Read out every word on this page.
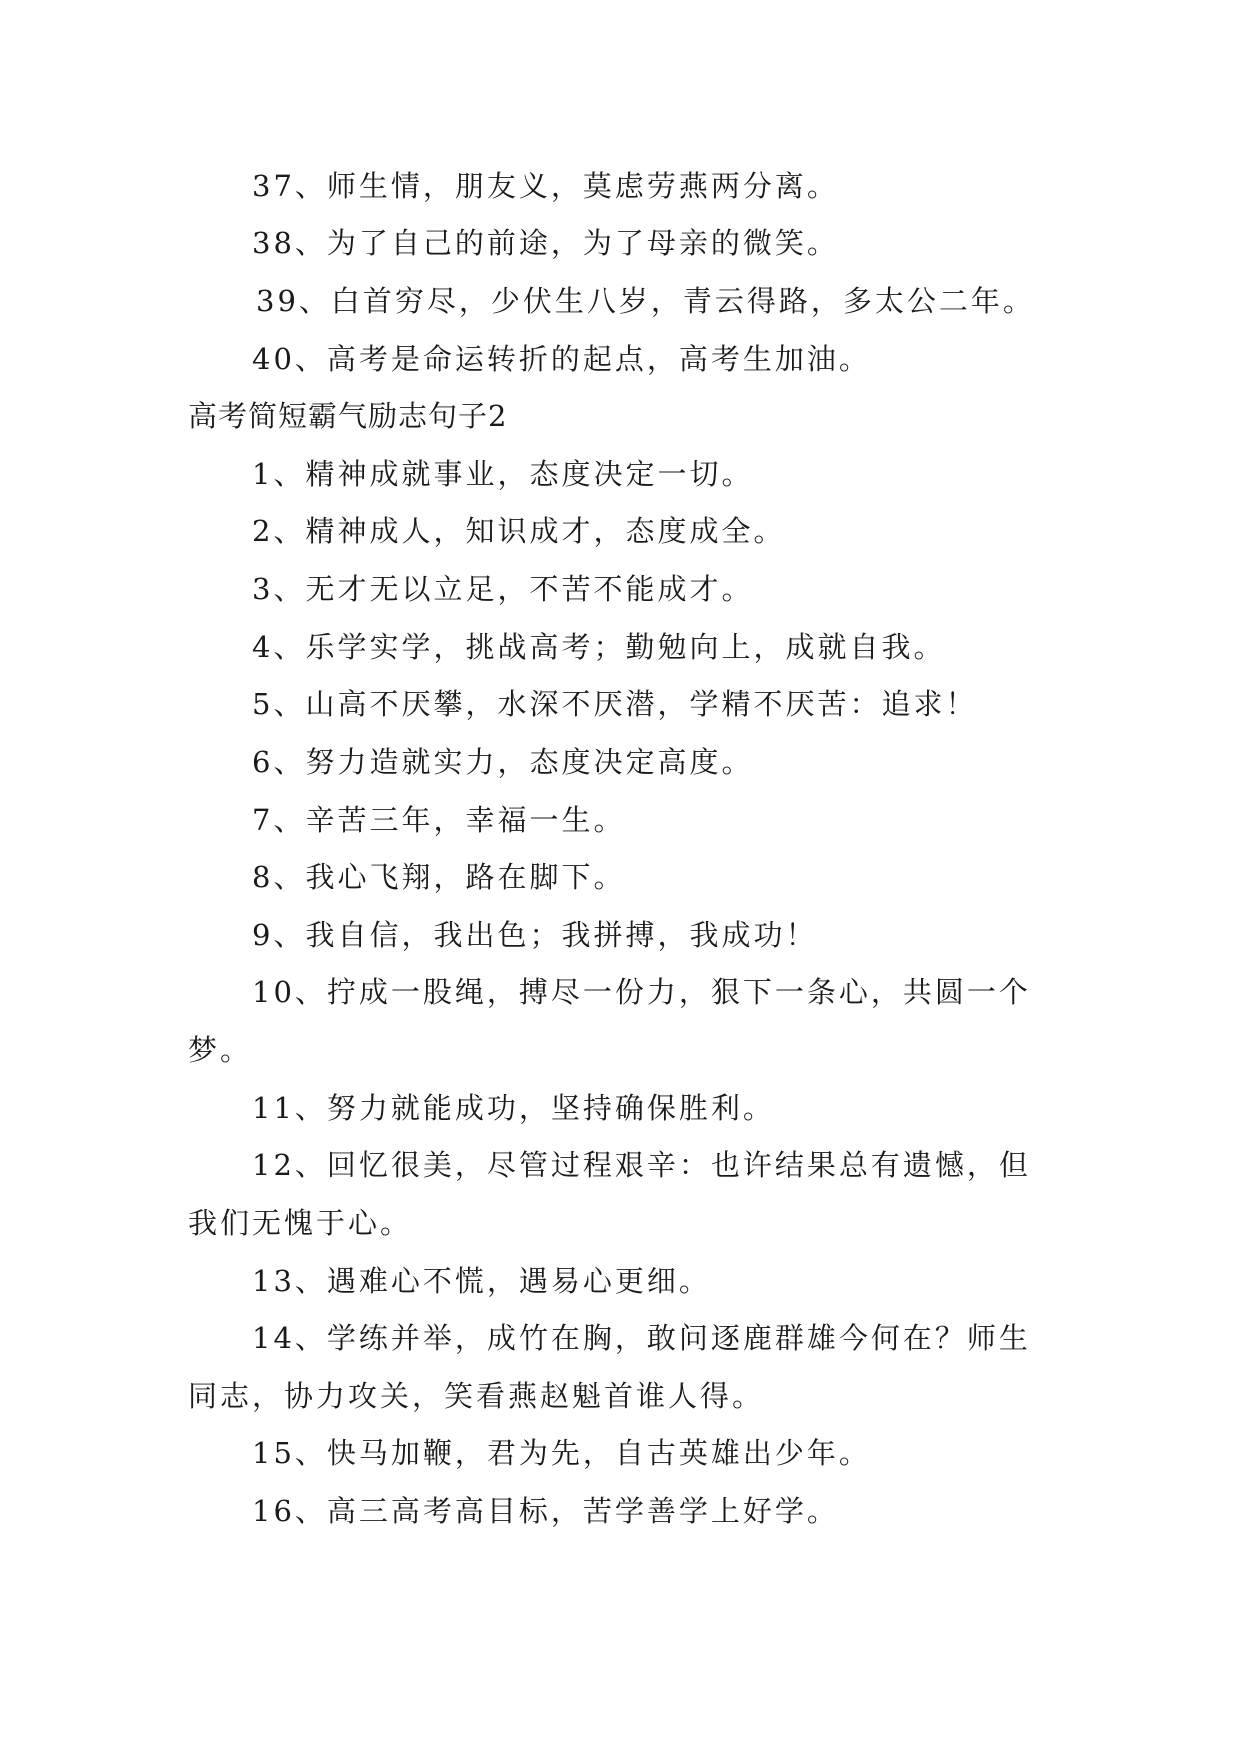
37、师生情，朋友义，莫虑劳燕两分离。
38、为了自己的前途，为了母亲的微笑。
39、白首穷尽，少伏生八岁，青云得路，多太公二年。
40、高考是命运转折的起点，高考生加油。
高考简短霸气励志句子2
1、精神成就事业，态度决定一切。
2、精神成人，知识成才，态度成全。
3、无才无以立足，不苦不能成才。
4、乐学实学，挑战高考；勤勉向上，成就自我。
5、山高不厌攀，水深不厌潜，学精不厌苦：追求！
6、努力造就实力，态度决定高度。
7、辛苦三年，幸福一生。
8、我心飞翔，路在脚下。
9、我自信，我出色；我拼搏，我成功！
10、拧成一股绳，搏尽一份力，狠下一条心，共圆一个
梦。
11、努力就能成功，坚持确保胜利。
12、回忆很美，尽管过程艰辛：也许结果总有遗憾，但
我们无愧于心。
13、遇难心不慌，遇易心更细。
14、学练并举，成竹在胸，敢问逐鹿群雄今何在？师生
同志，协力攻关，笑看燕赵魁首谁人得。
15、快马加鞭，君为先，自古英雄出少年。
16、高三高考高目标，苦学善学上好学。
